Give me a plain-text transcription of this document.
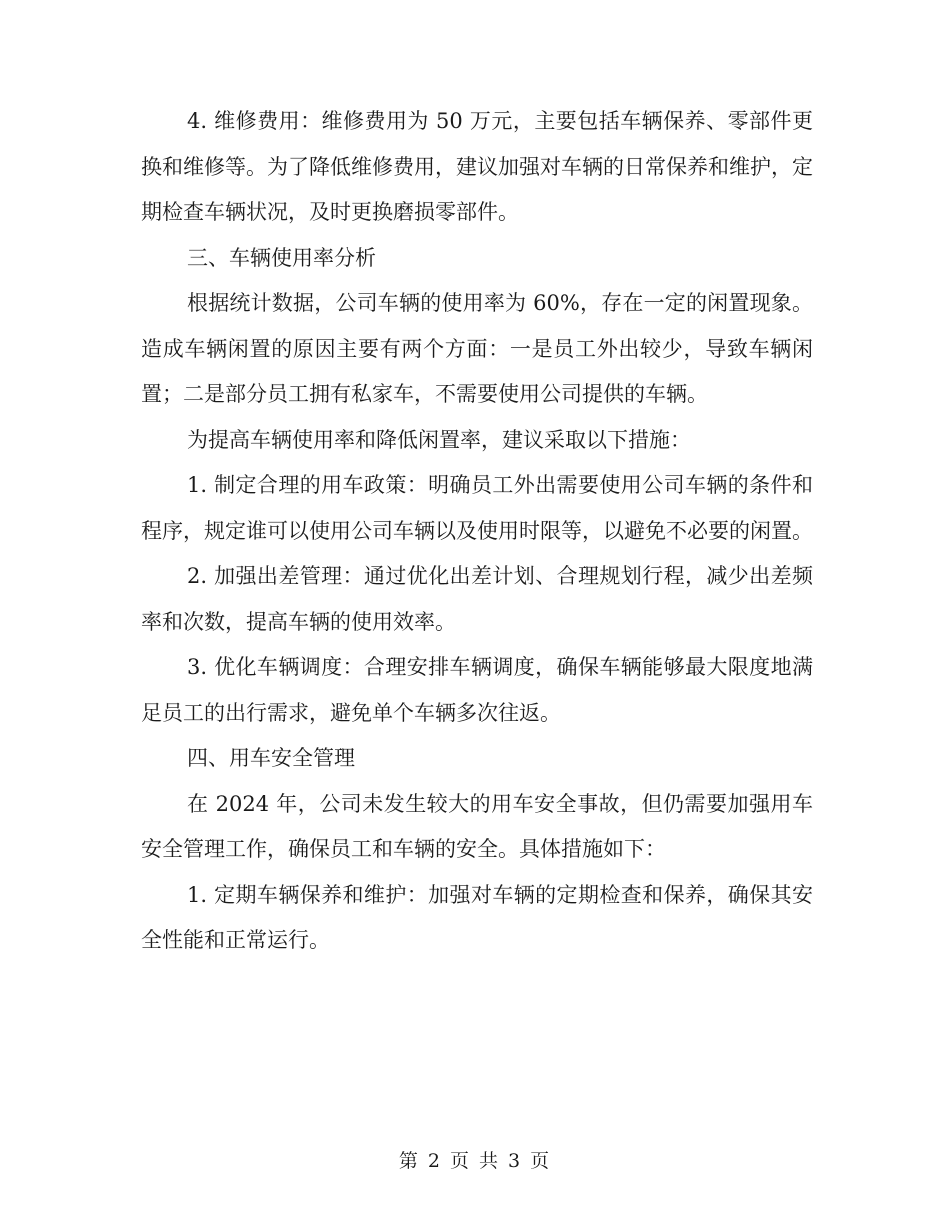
4. 维修费用：维修费用为 50 万元，主要包括车辆保养、零部件更换和维修等。为了降低维修费用，建议加强对车辆的日常保养和维护，定期检查车辆状况，及时更换磨损零部件。

三、车辆使用率分析

根据统计数据，公司车辆的使用率为 60%，存在一定的闲置现象。造成车辆闲置的原因主要有两个方面：一是员工外出较少，导致车辆闲置；二是部分员工拥有私家车，不需要使用公司提供的车辆。

为提高车辆使用率和降低闲置率，建议采取以下措施：

1. 制定合理的用车政策：明确员工外出需要使用公司车辆的条件和程序，规定谁可以使用公司车辆以及使用时限等，以避免不必要的闲置。

2. 加强出差管理：通过优化出差计划、合理规划行程，减少出差频率和次数，提高车辆的使用效率。

3. 优化车辆调度：合理安排车辆调度，确保车辆能够最大限度地满足员工的出行需求，避免单个车辆多次往返。

四、用车安全管理

在 2024 年，公司未发生较大的用车安全事故，但仍需要加强用车安全管理工作，确保员工和车辆的安全。具体措施如下：

1. 定期车辆保养和维护：加强对车辆的定期检查和保养，确保其安全性能和正常运行。

第 2 页 共 3 页
